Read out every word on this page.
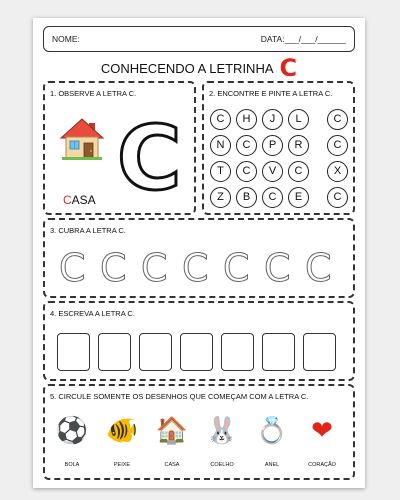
NOME:	DATA:___/___/______
CONHECENDO A LETRINHA C
1. OBSERVE A LETRA C.
CASA C
2. ENCONTRE E PINTE A LETRA C.
C	H	J	L	C
N	C	P	R	C
T	C	V	C	X
Z	B	C	E	C
3. CUBRA A LETRA C.
C C C C C C C
4. ESCREVA A LETRA C.
5. CIRCULE SOMENTE OS DESENHOS QUE COMEÇAM COM A LETRA C.
⚽
BOLA
🐠
PEIXE
🏠
CASA
🐰
COELHO
💍
ANEL
❤
CORAÇÃO
